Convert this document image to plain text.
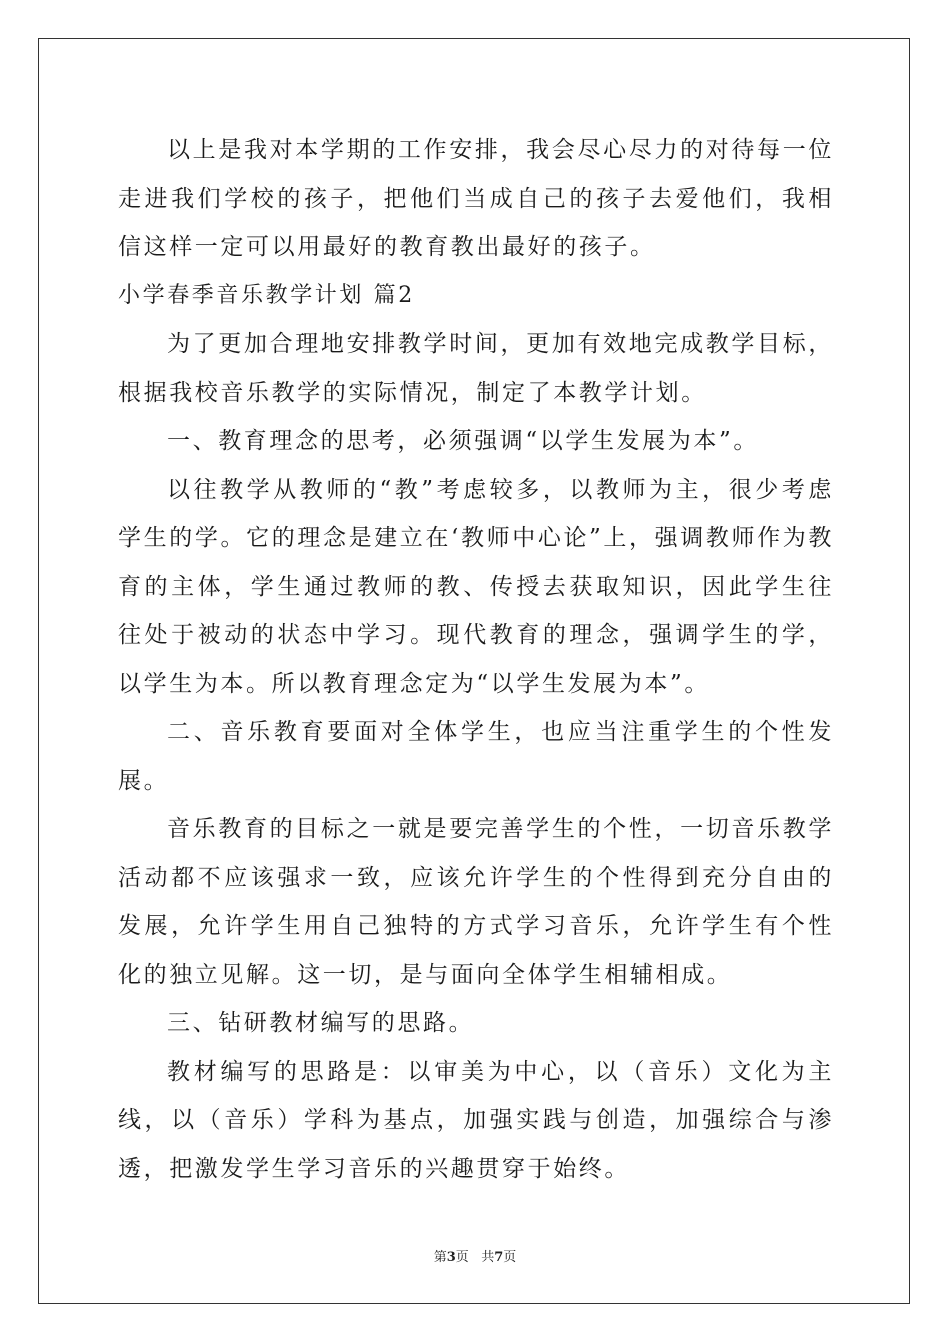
以上是我对本学期的工作安排，我会尽心尽力的对待每一位走进我们学校的孩子，把他们当成自己的孩子去爱他们，我相信这样一定可以用最好的教育教出最好的孩子。

小学春季音乐教学计划 篇2

为了更加合理地安排教学时间，更加有效地完成教学目标，根据我校音乐教学的实际情况，制定了本教学计划。

一、教育理念的思考，必须强调“以学生发展为本”。

以往教学从教师的“教”考虑较多，以教师为主，很少考虑学生的学。它的理念是建立在‘教师中心论”上，强调教师作为教育的主体，学生通过教师的教、传授去获取知识，因此学生往往处于被动的状态中学习。现代教育的理念，强调学生的学，以学生为本。所以教育理念定为“以学生发展为本”。

二、音乐教育要面对全体学生，也应当注重学生的个性发展。

音乐教育的目标之一就是要完善学生的个性，一切音乐教学活动都不应该强求一致，应该允许学生的个性得到充分自由的发展，允许学生用自己独特的方式学习音乐，允许学生有个性化的独立见解。这一切，是与面向全体学生相辅相成。

三、钻研教材编写的思路。

教材编写的思路是：以审美为中心，以（音乐）文化为主线，以（音乐）学科为基点，加强实践与创造，加强综合与渗透，把激发学生学习音乐的兴趣贯穿于始终。

第3页   共7页
